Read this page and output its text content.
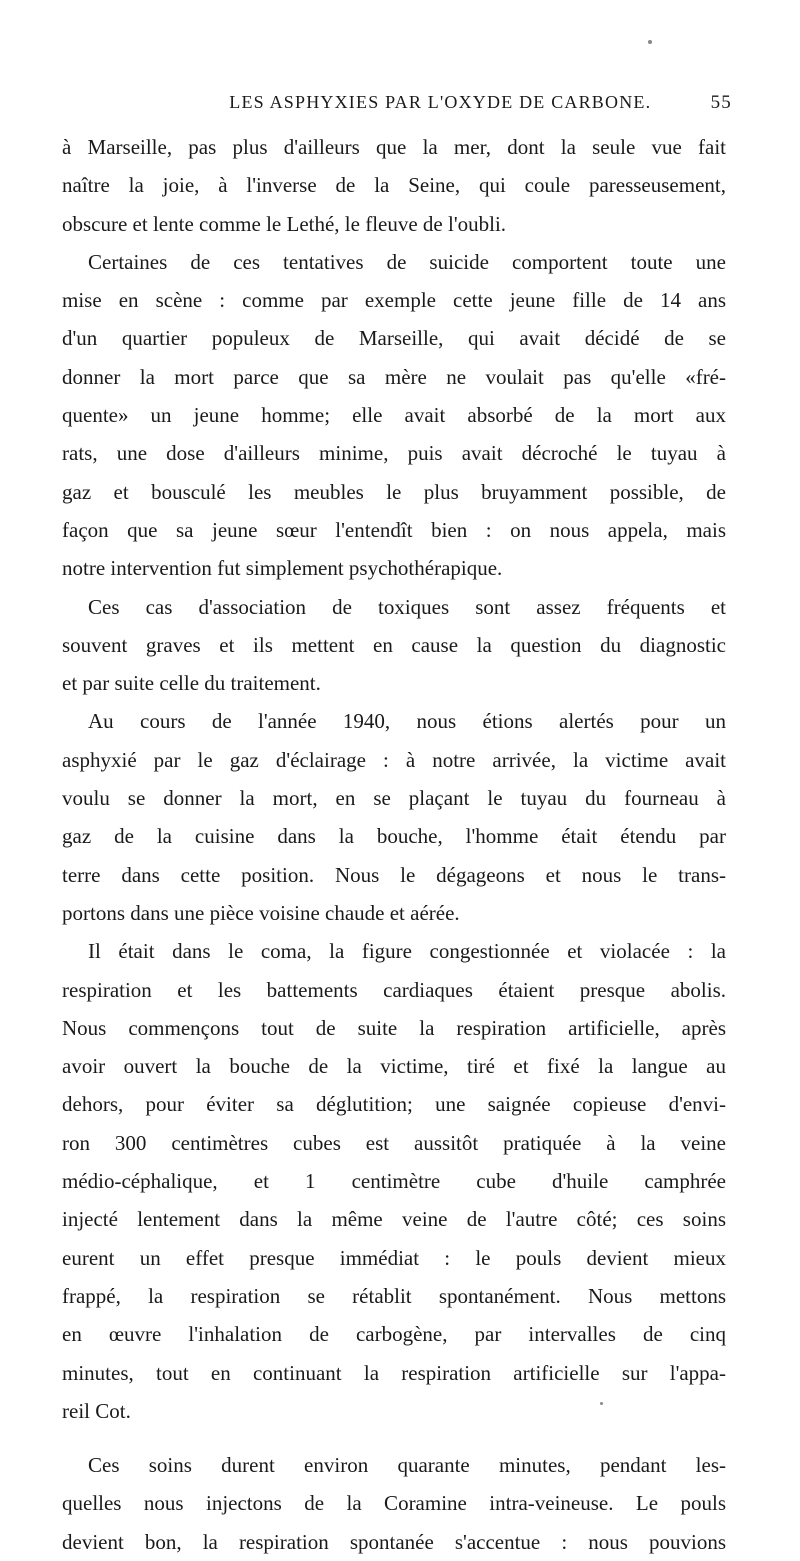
LES ASPHYXIES PAR L'OXYDE DE CARBONE.	55
à Marseille, pas plus d'ailleurs que la mer, dont la seule vue fait
naître la joie, à l'inverse de la Seine, qui coule paresseusement,
obscure et lente comme le Lethé, le fleuve de l'oubli.
Certaines de ces tentatives de suicide comportent toute une
mise en scène : comme par exemple cette jeune fille de 14 ans
d'un quartier populeux de Marseille, qui avait décidé de se
donner la mort parce que sa mère ne voulait pas qu'elle «fré-
quente» un jeune homme; elle avait absorbé de la mort aux
rats, une dose d'ailleurs minime, puis avait décroché le tuyau à
gaz et bousculé les meubles le plus bruyamment possible, de
façon que sa jeune sœur l'entendît bien : on nous appela, mais
notre intervention fut simplement psychothérapique.
Ces cas d'association de toxiques sont assez fréquents et
souvent graves et ils mettent en cause la question du diagnostic
et par suite celle du traitement.
Au cours de l'année 1940, nous étions alertés pour un
asphyxié par le gaz d'éclairage : à notre arrivée, la victime avait
voulu se donner la mort, en se plaçant le tuyau du fourneau à
gaz de la cuisine dans la bouche, l'homme était étendu par
terre dans cette position. Nous le dégageons et nous le trans-
portons dans une pièce voisine chaude et aérée.
Il était dans le coma, la figure congestionnée et violacée : la
respiration et les battements cardiaques étaient presque abolis.
Nous commençons tout de suite la respiration artificielle, après
avoir ouvert la bouche de la victime, tiré et fixé la langue au
dehors, pour éviter sa déglutition; une saignée copieuse d'envi-
ron 300 centimètres cubes est aussitôt pratiquée à la veine
médio-céphalique, et 1 centimètre cube d'huile camphrée
injecté lentement dans la même veine de l'autre côté; ces soins
eurent un effet presque immédiat : le pouls devient mieux
frappé, la respiration se rétablit spontanément. Nous mettons
en œuvre l'inhalation de carbogène, par intervalles de cinq
minutes, tout en continuant la respiration artificielle sur l'appa-
reil Cot.
Ces soins durent environ quarante minutes, pendant les-
quelles nous injectons de la Coramine intra-veineuse. Le pouls
devient bon, la respiration spontanée s'accentue : nous pouvions
